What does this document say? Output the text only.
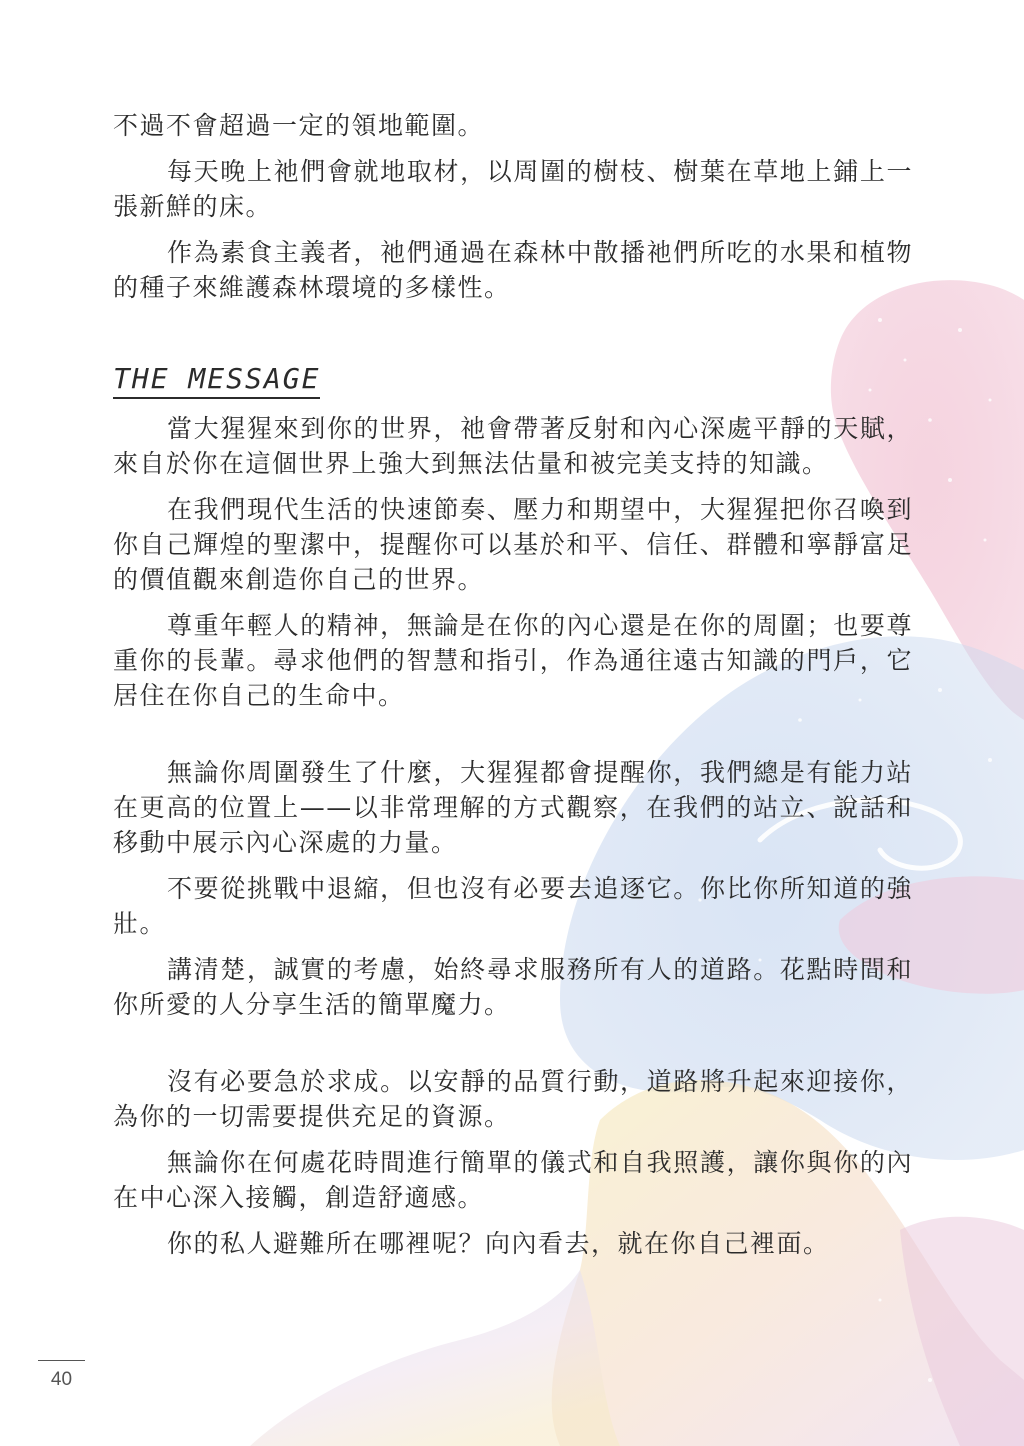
不過不會超過一定的領地範圍。

每天晚上祂們會就地取材，以周圍的樹枝、樹葉在草地上鋪上一張新鮮的床。

作為素食主義者，祂們通過在森林中散播祂們所吃的水果和植物的種子來維護森林環境的多樣性。

THE MESSAGE

當大猩猩來到你的世界，祂會帶著反射和內心深處平靜的天賦，來自於你在這個世界上強大到無法估量和被完美支持的知識。

在我們現代生活的快速節奏、壓力和期望中，大猩猩把你召喚到你自己輝煌的聖潔中，提醒你可以基於和平、信任、群體和寧靜富足的價值觀來創造你自己的世界。

尊重年輕人的精神，無論是在你的內心還是在你的周圍；也要尊重你的長輩。尋求他們的智慧和指引，作為通往遠古知識的門戶，它居住在你自己的生命中。

無論你周圍發生了什麼，大猩猩都會提醒你，我們總是有能力站在更高的位置上——以非常理解的方式觀察，在我們的站立、說話和移動中展示內心深處的力量。

不要從挑戰中退縮，但也沒有必要去追逐它。你比你所知道的強壯。

講清楚，誠實的考慮，始終尋求服務所有人的道路。花點時間和你所愛的人分享生活的簡單魔力。

沒有必要急於求成。以安靜的品質行動，道路將升起來迎接你，為你的一切需要提供充足的資源。

無論你在何處花時間進行簡單的儀式和自我照護，讓你與你的內在中心深入接觸，創造舒適感。

你的私人避難所在哪裡呢？向內看去，就在你自己裡面。

40
